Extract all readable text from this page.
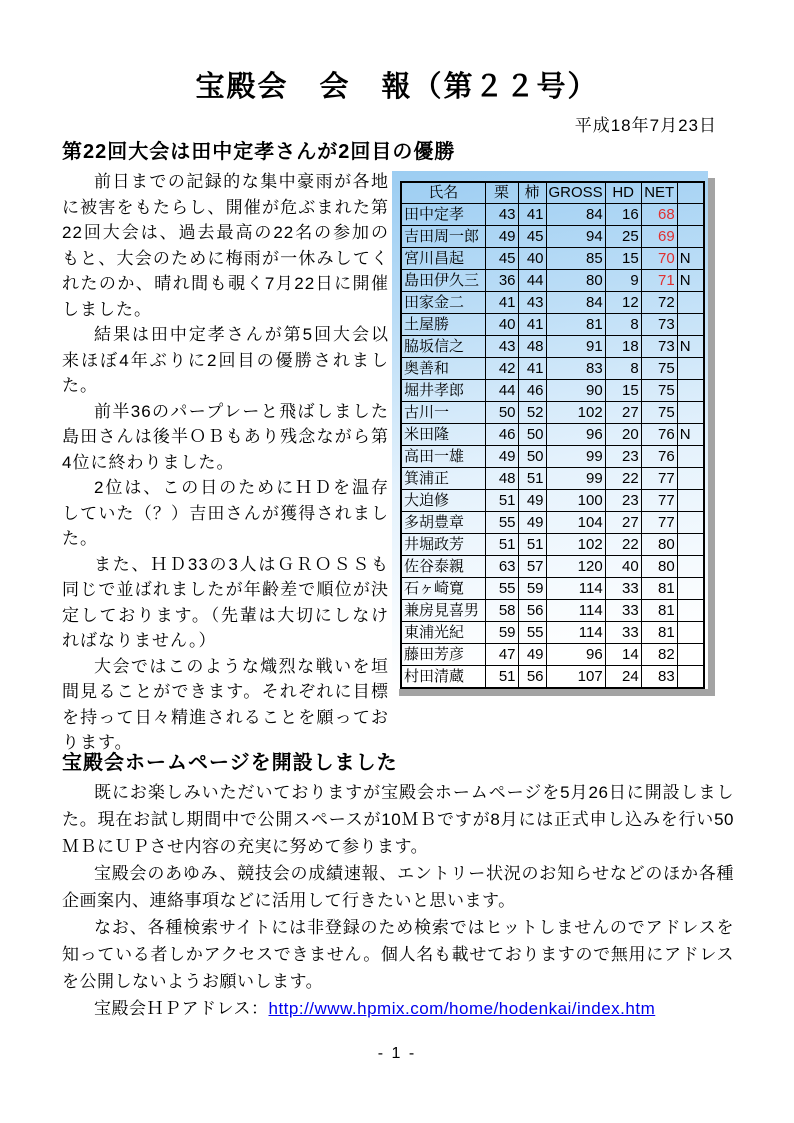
宝殿会　会　報（第２２号）
平成18年7月23日
第22回大会は田中定孝さんが2回目の優勝

前日までの記録的な集中豪雨が各地に被害をもたらし、開催が危ぶまれた第22回大会は、過去最高の22名の参加のもと、大会のために梅雨が一休みしてくれたのか、晴れ間も覗く7月22日に開催しました。

結果は田中定孝さんが第5回大会以来ほぼ4年ぶりに2回目の優勝されました。

前半36のパープレーと飛ばしました島田さんは後半ＯＢもあり残念ながら第4位に終わりました。

2位は、この日のためにＨＤを温存していた（？）吉田さんが獲得されました。

また、ＨＤ33の3人はＧＲＯＳＳも同じで並ばれましたが年齢差で順位が決定しております。（先輩は大切にしなければなりません。）

大会ではこのような熾烈な戦いを垣間見ることができます。それぞれに目標を持って日々精進されることを願っております。

氏名	栗	柿	GROSS	HD	NET	
田中定孝	43	41	84	16	68	
吉田周一郎	49	45	94	25	69	
宮川昌起	45	40	85	15	70	N
島田伊久三	36	44	80	9	71	N
田家金二	41	43	84	12	72	
土屋勝	40	41	81	8	73	
脇坂信之	43	48	91	18	73	N
奥善和	42	41	83	8	75	
堀井孝郎	44	46	90	15	75	
古川一	50	52	102	27	75	
米田隆	46	50	96	20	76	N
高田一雄	49	50	99	23	76	
箕浦正	48	51	99	22	77	
大迫修	51	49	100	23	77	
多胡豊章	55	49	104	27	77	
井堀政芳	51	51	102	22	80	
佐谷泰親	63	57	120	40	80	
石ヶ崎寛	55	59	114	33	81	
兼房見喜男	58	56	114	33	81	
東浦光紀	59	55	114	33	81	
藤田芳彦	47	49	96	14	82	
村田清蔵	51	56	107	24	83	
宝殿会ホームページを開設しました

既にお楽しみいただいておりますが宝殿会ホームページを5月26日に開設しました。現在お試し期間中で公開スペースが10ＭＢですが8月には正式申し込みを行い50ＭＢにＵＰさせ内容の充実に努めて参ります。

宝殿会のあゆみ、競技会の成績速報、エントリー状況のお知らせなどのほか各種企画案内、連絡事項などに活用して行きたいと思います。

なお、各種検索サイトには非登録のため検索ではヒットしませんのでアドレスを知っている者しかアクセスできません。個人名も載せておりますので無用にアドレスを公開しないようお願いします。

宝殿会ＨＰアドレス：http://www.hpmix.com/home/hodenkai/index.htm

- 1 -
